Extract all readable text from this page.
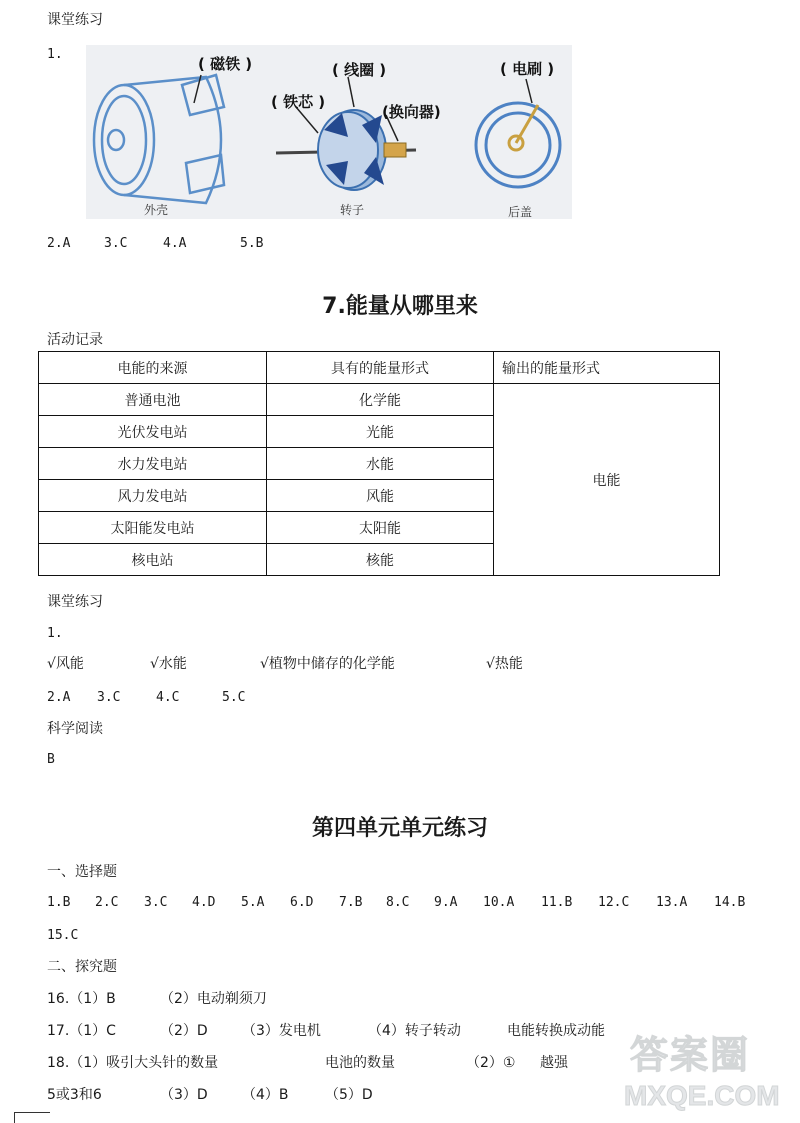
课堂练习
1.
( 磁铁 )	( 线圈 )
( 铁芯 )
(换向器)
( 电刷 )
外壳	转子	后盖
2.A	3.C	4.A	5.B
7.能量从哪里来
活动记录
电能的来源	具有的能量形式	输出的能量形式
普通电池	化学能	电能
光伏发电站	光能	
水力发电站	水能	
风力发电站	风能	
太阳能发电站	太阳能	
核电站	核能	
课堂练习
1.
√风能	√水能	√植物中储存的化学能	√热能
2.A 3.C	4.C	5.C
科学阅读
B
第四单元单元练习
一、选择题
1.B 2.C 3.C 4.D 5.A 6.D 7.B 8.C 9.A 10.A 11.B 12.C 13.A 14.B
15.C
二、探究题
16.（1）B	（2）电动剃须刀
17.（1）C	（2）D （3）发电机	（4）转子转动	电能转换成动能
18.（1）吸引大头针的数量	电池的数量	（2）① 越强
5或3和6	（3）D （4）B	（5）D
答案圈
MXQE.COM
